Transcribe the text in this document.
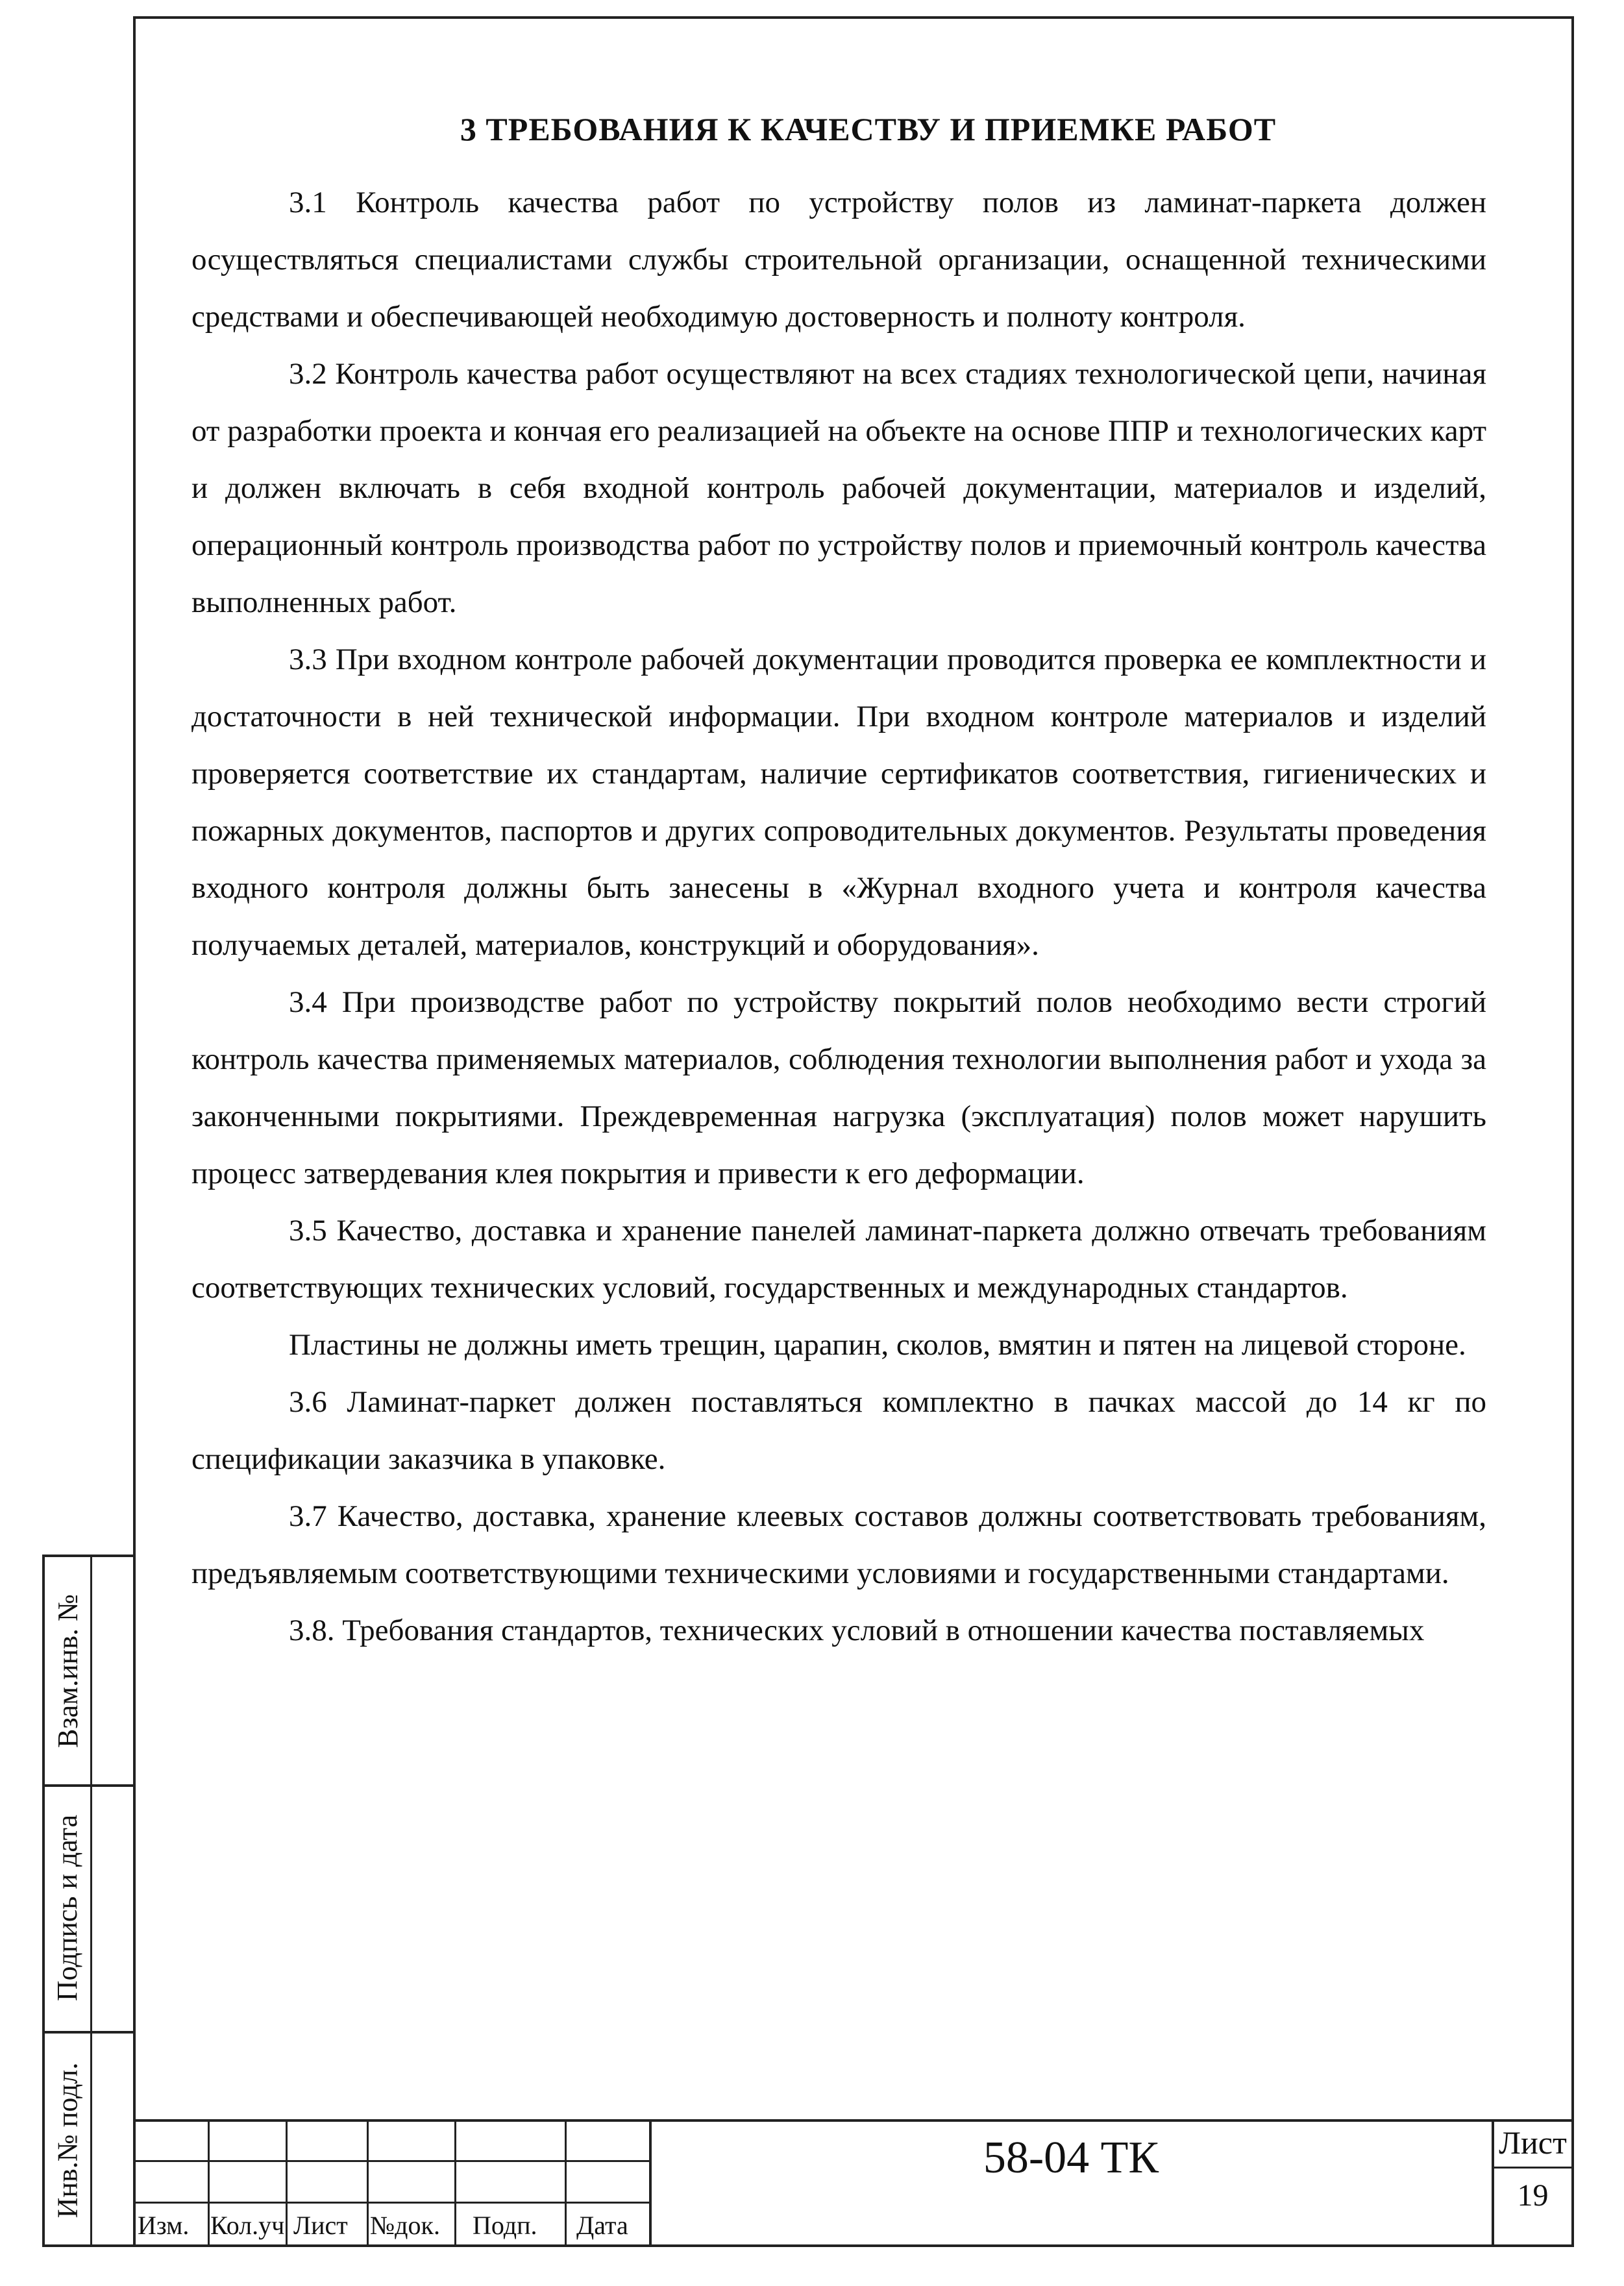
Взам.инв. №
Подпись и дата
Инв.№ подл.
3 ТРЕБОВАНИЯ К КАЧЕСТВУ И ПРИЕМКЕ РАБОТ

3.1 Контроль качества работ по устройству полов из ламинат-паркета должен осуществляться специалистами службы строительной организации, оснащенной техническими средствами и обеспечивающей необходимую достоверность и полноту контроля.

3.2 Контроль качества работ осуществляют на всех стадиях технологической цепи, начиная от разработки проекта и кончая его реализацией на объекте на основе ППР и технологических карт и должен включать в себя входной контроль рабочей документации, материалов и изделий, операционный контроль производства работ по устройству полов и приемочный контроль качества выполненных работ.

3.3 При входном контроле рабочей документации проводится проверка ее комплектности и достаточности в ней технической информации. При входном контроле материалов и изделий проверяется соответствие их стандартам, наличие сертификатов соответствия, гигиенических и пожарных документов, паспортов и других сопроводительных документов. Результаты проведения входного контроля должны быть занесены в «Журнал входного учета и контроля качества получаемых деталей, материалов, конструкций и оборудования».

3.4 При производстве работ по устройству покрытий полов необходимо вести строгий контроль качества применяемых материалов, соблюдения технологии выполнения работ и ухода за законченными покрытиями. Преждевременная нагрузка (эксплуатация) полов может нарушить процесс затвердевания клея покрытия и привести к его деформации.

3.5 Качество, доставка и хранение панелей ламинат-паркета должно отвечать требованиям соответствующих технических условий, государственных и международных стандартов.

Пластины не должны иметь трещин, царапин, сколов, вмятин и пятен на лицевой стороне.

3.6 Ламинат-паркет должен поставляться комплектно в пачках массой до 14 кг по спецификации заказчика в упаковке.

3.7 Качество, доставка, хранение клеевых составов должны соответствовать требованиям, предъявляемым соответствующими техническими условиями и государственными стандартами.

3.8. Требования стандартов, технических условий в отношении качества поставляемых

Изм. Кол.уч Лист №док. Подп. Дата
58-04 ТК	Лист
19
